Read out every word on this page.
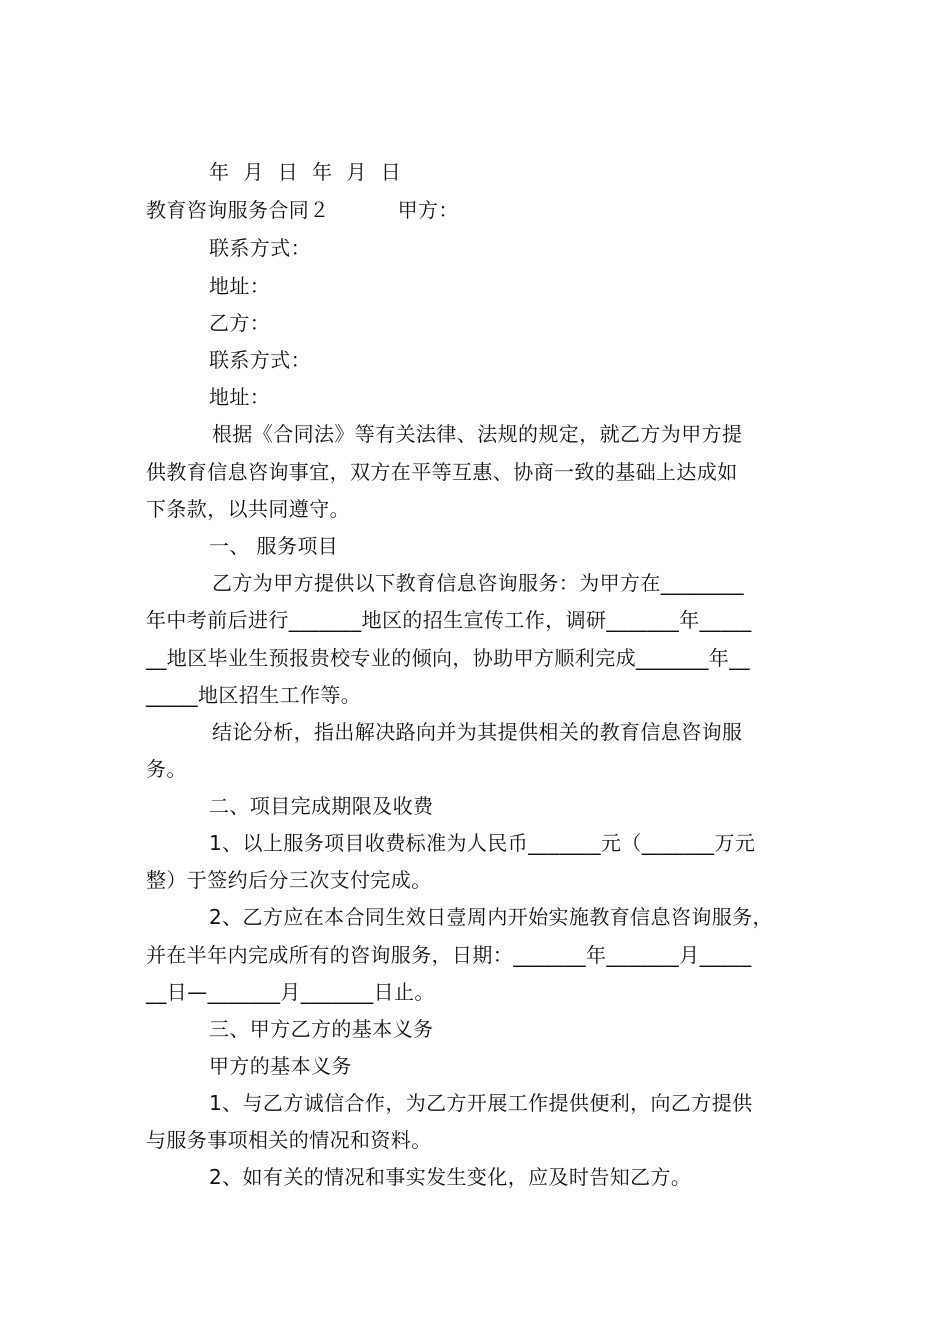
年 月 日 年 月 日
教育咨询服务合同２	甲方：
联系方式：
地址：
乙方：
联系方式：
地址：
根据《合同法》等有关法律、法规的规定，就乙方为甲方提
供教育信息咨询事宜，双方在平等互惠、协商一致的基础上达成如
下条款，以共同遵守。
一、 服务项目
乙方为甲方提供以下教育信息咨询服务：为甲方在________
年中考前后进行_______地区的招生宣传工作，调研_______年_____
__地区毕业生预报贵校专业的倾向，协助甲方顺利完成_______年__
_____地区招生工作等。
结论分析，指出解决路向并为其提供相关的教育信息咨询服
务。
二、项目完成期限及收费
1、以上服务项目收费标准为人民币_______元（_______万元
整）于签约后分三次支付完成。
2、乙方应在本合同生效日壹周内开始实施教育信息咨询服务，
并在半年内完成所有的咨询服务，日期：_______年_______月_____
__日—_______月_______日止。
三、甲方乙方的基本义务
甲方的基本义务
1、与乙方诚信合作，为乙方开展工作提供便利，向乙方提供
与服务事项相关的情况和资料。
2、如有关的情况和事实发生变化，应及时告知乙方。
